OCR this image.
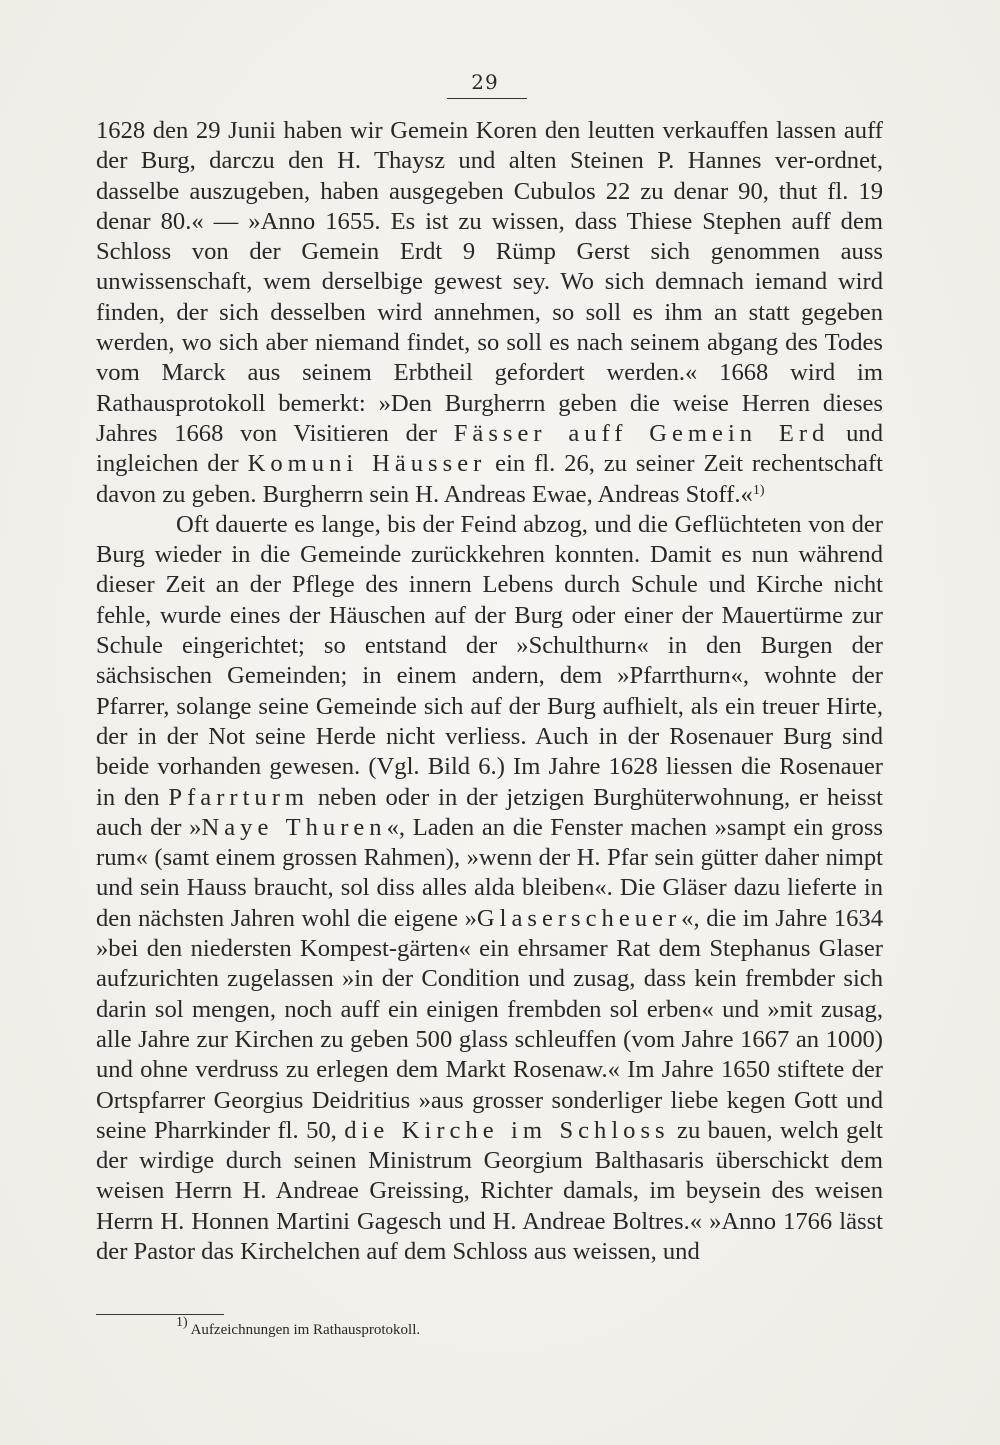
29

1628 den 29 Junii haben wir Gemein Koren den leutten verkauffen lassen auff der Burg, darczu den H. Thaysz und alten Steinen P. Hannes ver-ordnet, dasselbe auszugeben, haben ausgegeben Cubulos 22 zu denar 90, thut fl. 19 denar 80.« — »Anno 1655. Es ist zu wissen, dass Thiese Stephen auff dem Schloss von der Gemein Erdt 9 Rümp Gerst sich genommen auss unwissenschaft, wem derselbige gewest sey. Wo sich demnach iemand wird finden, der sich desselben wird annehmen, so soll es ihm an statt gegeben werden, wo sich aber niemand findet, so soll es nach seinem abgang des Todes vom Marck aus seinem Erbtheil gefordert werden.« 1668 wird im Rathausprotokoll bemerkt: »Den Burgherrn geben die weise Herren dieses Jahres 1668 von Visitieren der Fässer auff Gemein Erd und ingleichen der Komuni Häusser ein fl. 26, zu seiner Zeit rechentschaft davon zu geben. Burgherrn sein H. Andreas Ewae, Andreas Stoff.«$^{1)}$

Oft dauerte es lange, bis der Feind abzog, und die Geflüchteten von der Burg wieder in die Gemeinde zurückkehren konnten. Damit es nun während dieser Zeit an der Pflege des innern Lebens durch Schule und Kirche nicht fehle, wurde eines der Häuschen auf der Burg oder einer der Mauertürme zur Schule eingerichtet; so entstand der »Schulthurn« in den Burgen der sächsischen Gemeinden; in einem andern, dem »Pfarrthurn«, wohnte der Pfarrer, solange seine Gemeinde sich auf der Burg aufhielt, als ein treuer Hirte, der in der Not seine Herde nicht verliess. Auch in der Rosenauer Burg sind beide vorhanden gewesen. (Vgl. Bild 6.) Im Jahre 1628 liessen die Rosenauer in den Pfarrturm neben oder in der jetzigen Burghüterwohnung, er heisst auch der »Naye Thuren«, Laden an die Fenster machen »sampt ein gross rum« (samt einem grossen Rahmen), »wenn der H. Pfar sein gütter daher nimpt und sein Hauss braucht, sol diss alles alda bleiben«. Die Gläser dazu lieferte in den nächsten Jahren wohl die eigene »Glaserscheuer«, die im Jahre 1634 »bei den niedersten Kompest-gärten« ein ehrsamer Rat dem Stephanus Glaser aufzurichten zugelassen »in der Condition und zusag, dass kein frembder sich darin sol mengen, noch auff ein einigen frembden sol erben« und »mit zusag, alle Jahre zur Kirchen zu geben 500 glass schleuffen (vom Jahre 1667 an 1000) und ohne verdruss zu erlegen dem Markt Rosenaw.« Im Jahre 1650 stiftete der Ortspfarrer Georgius Deidritius »aus grosser sonderliger liebe kegen Gott und seine Pharrkinder fl. 50, die Kirche im Schloss zu bauen, welch gelt der wirdige durch seinen Ministrum Georgium Balthasaris überschickt dem weisen Herrn H. Andreae Greissing, Richter damals, im beysein des weisen Herrn H. Honnen Martini Gagesch und H. Andreae Boltres.« »Anno 1766 lässt der Pastor das Kirchelchen auf dem Schloss aus weissen, und

$^{1)}$ Aufzeichnungen im Rathausprotokoll.
